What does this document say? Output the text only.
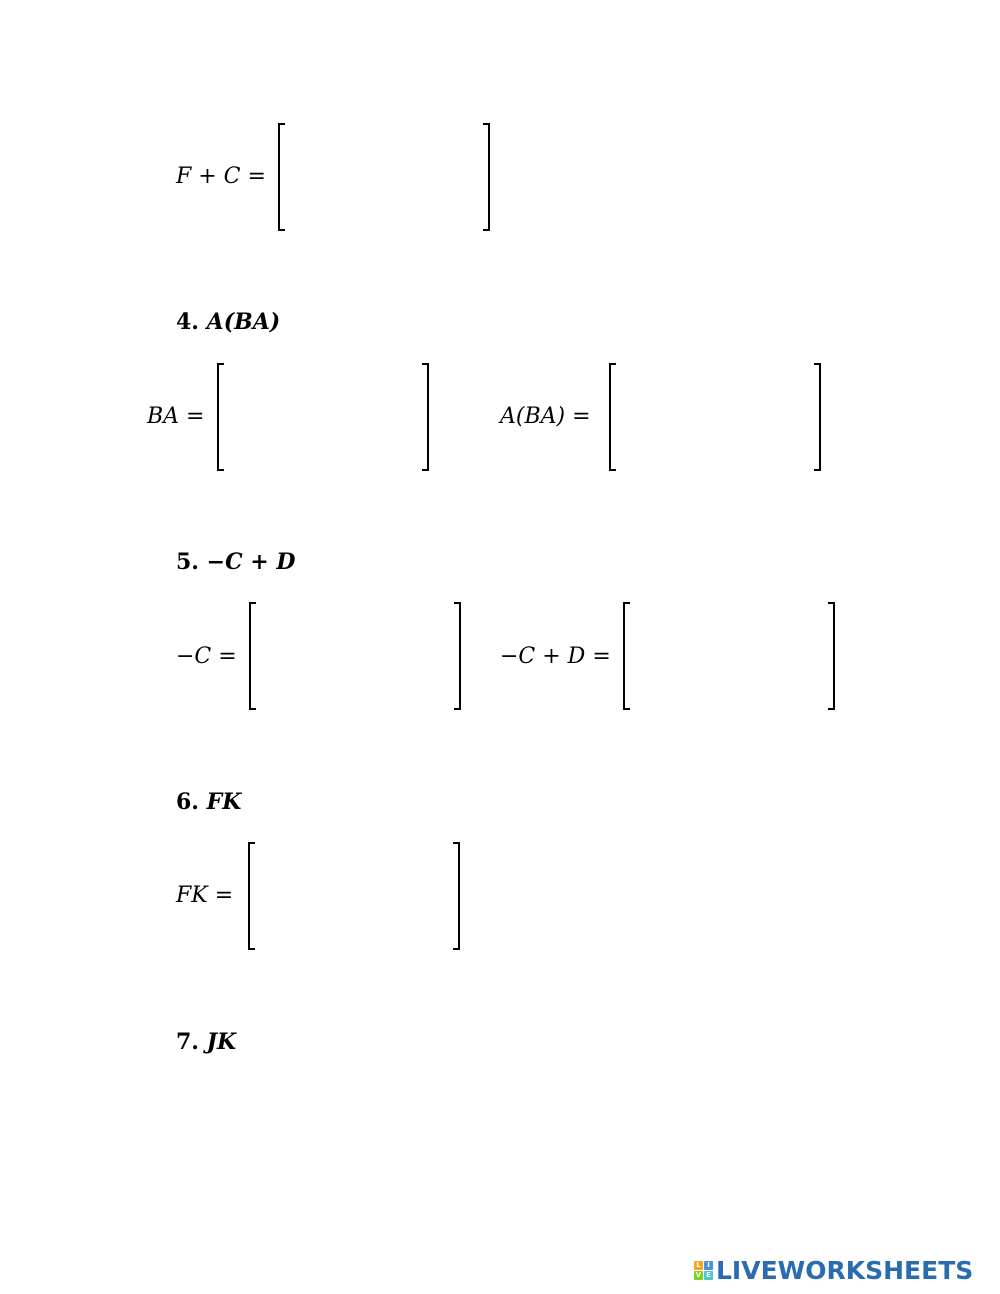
F + C =
4. A(BA)
BA =	A(BA) =
5. −C + D
−C =	−C + D =
6. FK
FK =
7. JK
L I
V E LIVEWORKSHEETS
